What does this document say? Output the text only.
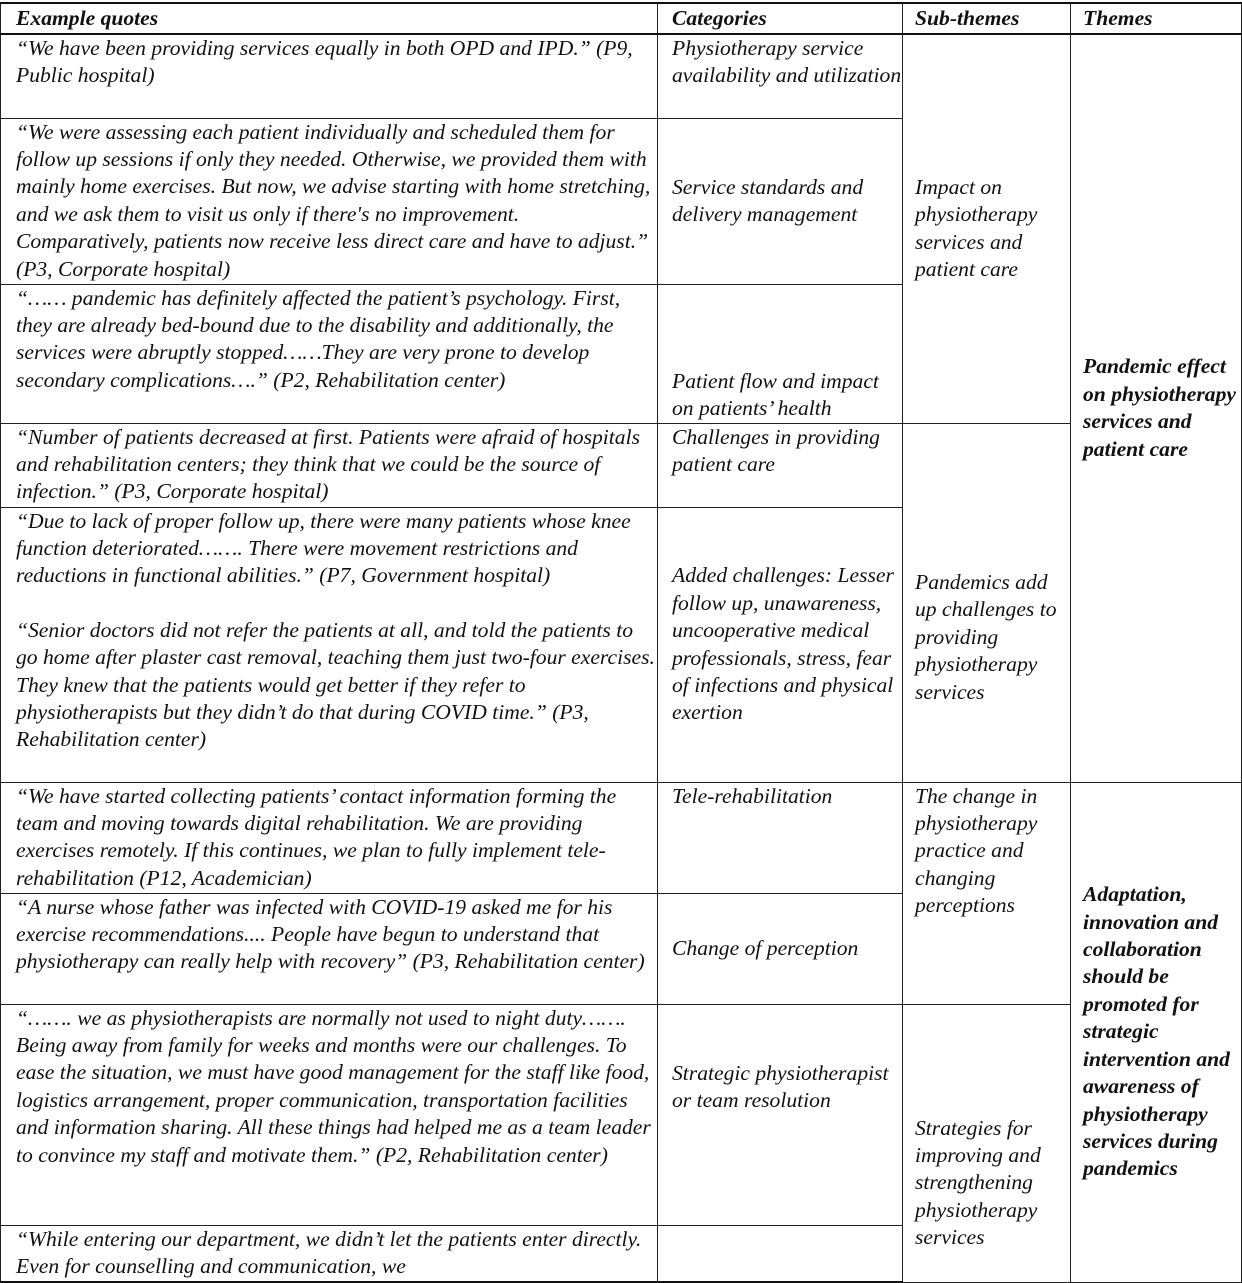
Example quotes	Categories	Sub-themes	Themes

“We have been providing services equally in both OPD and IPD.” (P9, Public hospital)	Physiotherapy service availability and utilization	Impact on physiotherapy services and patient care	Pandemic effect on physiotherapy services and patient care

“We were assessing each patient individually and scheduled them for follow up sessions if only they needed. Otherwise, we provided them with mainly home exercises. But now, we advise starting with home stretching, and we ask them to visit us only if there's no improvement. Comparatively, patients now receive less direct care and have to adjust.” (P3, Corporate hospital)	Service standards and delivery management		

“…… pandemic has definitely affected the patient’s psychology. First, they are already bed-bound due to the disability and additionally, the services were abruptly stopped……They are very prone to develop secondary complications….” (P2, Rehabilitation center)	Patient flow and impact on patients’ health		

“Number of patients decreased at first. Patients were afraid of hospitals and rehabilitation centers; they think that we could be the source of infection.” (P3, Corporate hospital)	Challenges in providing patient care	Pandemics add up challenges to providing physiotherapy services	

“Due to lack of proper follow up, there were many patients whose knee function deteriorated……. There were movement restrictions and reductions in functional abilities.” (P7, Government hospital)

“Senior doctors did not refer the patients at all, and told the patients to go home after plaster cast removal, teaching them just two-four exercises. They knew that the patients would get better if they refer to physiotherapists but they didn’t do that during COVID time.” (P3, Rehabilitation center)	Added challenges: Lesser follow up, unawareness, uncooperative medical professionals, stress, fear of infections and physical exertion		

“We have started collecting patients’ contact information forming the team and moving towards digital rehabilitation. We are providing exercises remotely. If this continues, we plan to fully implement tele-rehabilitation (P12, Academician)	Tele-rehabilitation	The change in physiotherapy practice and changing perceptions	Adaptation, innovation and collaboration should be promoted for strategic intervention and awareness of physiotherapy services during pandemics

“A nurse whose father was infected with COVID-19 asked me for his exercise recommendations.... People have begun to understand that physiotherapy can really help with recovery” (P3, Rehabilitation center)	Change of perception		

“……. we as physiotherapists are normally not used to night duty……. Being away from family for weeks and months were our challenges. To ease the situation, we must have good management for the staff like food, logistics arrangement, proper communication, transportation facilities and information sharing. All these things had helped me as a team leader to convince my staff and motivate them.” (P2, Rehabilitation center)	Strategic physiotherapist or team resolution	Strategies for improving and strengthening physiotherapy services	

“While entering our department, we didn’t let the patients enter directly. Even for counselling and communication, we			
